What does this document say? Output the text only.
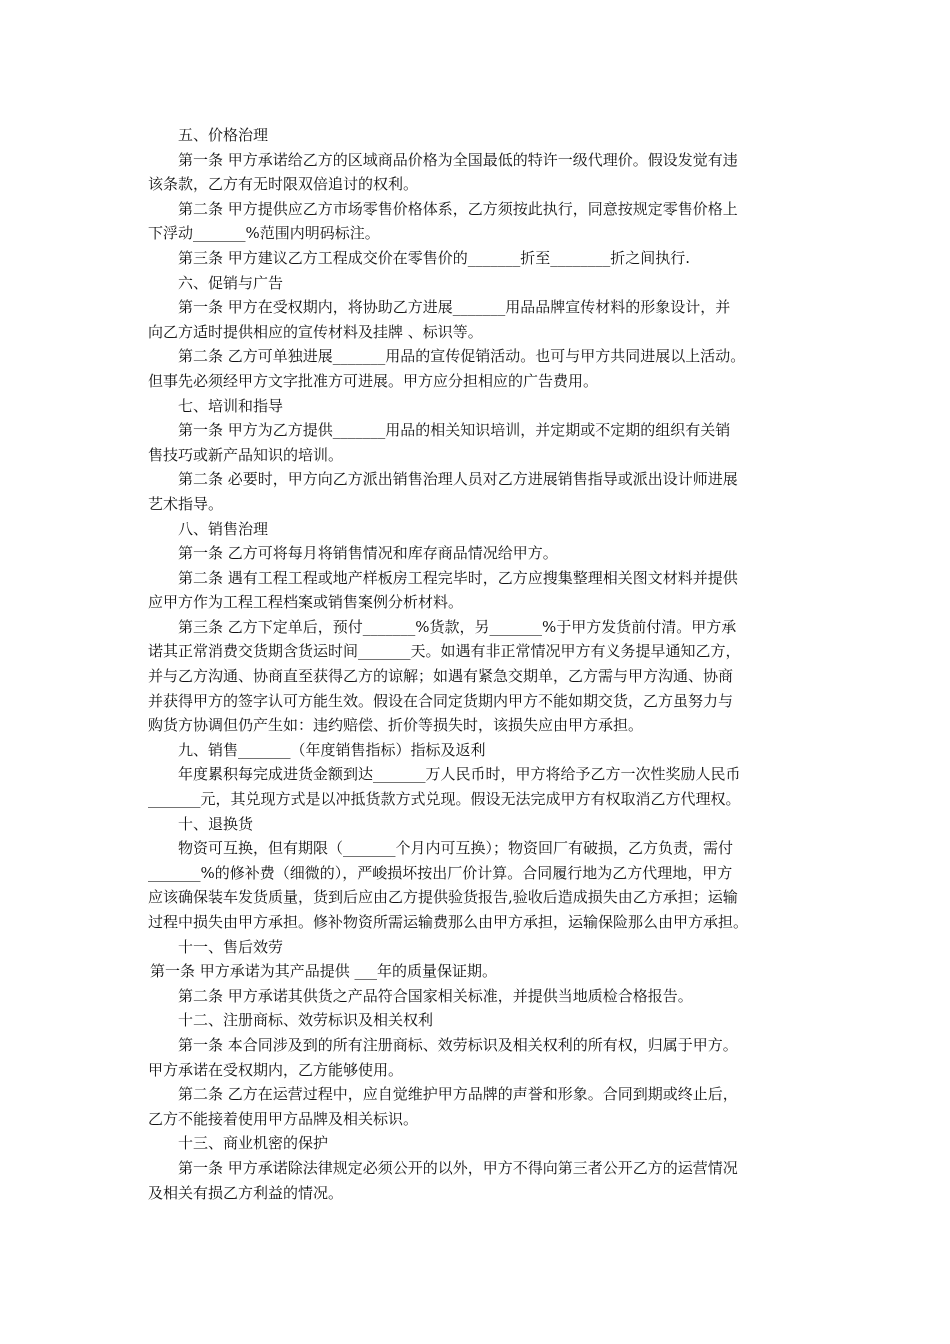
五、价格治理

第一条 甲方承诺给乙方的区域商品价格为全国最低的特许一级代理价。假设发觉有违

该条款，乙方有无时限双倍追讨的权利。

第二条 甲方提供应乙方市场零售价格体系，乙方须按此执行，同意按规定零售价格上

下浮动_______%范围内明码标注。

第三条 甲方建议乙方工程成交价在零售价的_______折至________折之间执行.

六、促销与广告

第一条 甲方在受权期内，将协助乙方进展_______用品品牌宣传材料的形象设计，并

向乙方适时提供相应的宣传材料及挂牌 、标识等。

第二条 乙方可单独进展_______用品的宣传促销活动。也可与甲方共同进展以上活动。

但事先必须经甲方文字批准方可进展。甲方应分担相应的广告费用。

七、培训和指导

第一条 甲方为乙方提供_______用品的相关知识培训，并定期或不定期的组织有关销

售技巧或新产品知识的培训。

第二条 必要时，甲方向乙方派出销售治理人员对乙方进展销售指导或派出设计师进展

艺术指导。

八、销售治理

第一条 乙方可将每月将销售情况和库存商品情况给甲方。

第二条 遇有工程工程或地产样板房工程完毕时，乙方应搜集整理相关图文材料并提供

应甲方作为工程工程档案或销售案例分析材料。

第三条 乙方下定单后，预付_______%货款，另_______%于甲方发货前付清。甲方承

诺其正常消费交货期含货运时间_______天。如遇有非正常情况甲方有义务提早通知乙方，

并与乙方沟通、协商直至获得乙方的谅解；如遇有紧急交期单，乙方需与甲方沟通、协商

并获得甲方的签字认可方能生效。假设在合同定货期内甲方不能如期交货，乙方虽努力与

购货方协调但仍产生如：违约赔偿、折价等损失时，该损失应由甲方承担。

九、销售_______（年度销售指标）指标及返利

年度累积每完成进货金额到达_______万人民币时，甲方将给予乙方一次性奖励人民币

_______元，其兑现方式是以冲抵货款方式兑现。假设无法完成甲方有权取消乙方代理权。

十、退换货

物资可互换，但有期限（_______个月内可互换）；物资回厂有破损，乙方负责，需付

_______%的修补费（细微的），严峻损坏按出厂价计算。合同履行地为乙方代理地，甲方

应该确保装车发货质量，货到后应由乙方提供验货报告,验收后造成损失由乙方承担；运输

过程中损失由甲方承担。修补物资所需运输费那么由甲方承担，运输保险那么由甲方承担。

十一、售后效劳

第一条 甲方承诺为其产品提供 ___年的质量保证期。

第二条 甲方承诺其供货之产品符合国家相关标准，并提供当地质检合格报告。

十二、注册商标、效劳标识及相关权利

第一条 本合同涉及到的所有注册商标、效劳标识及相关权利的所有权，归属于甲方。

甲方承诺在受权期内，乙方能够使用。

第二条 乙方在运营过程中，应自觉维护甲方品牌的声誉和形象。合同到期或终止后，

乙方不能接着使用甲方品牌及相关标识。

十三、商业机密的保护

第一条 甲方承诺除法律规定必须公开的以外，甲方不得向第三者公开乙方的运营情况

及相关有损乙方利益的情况。
